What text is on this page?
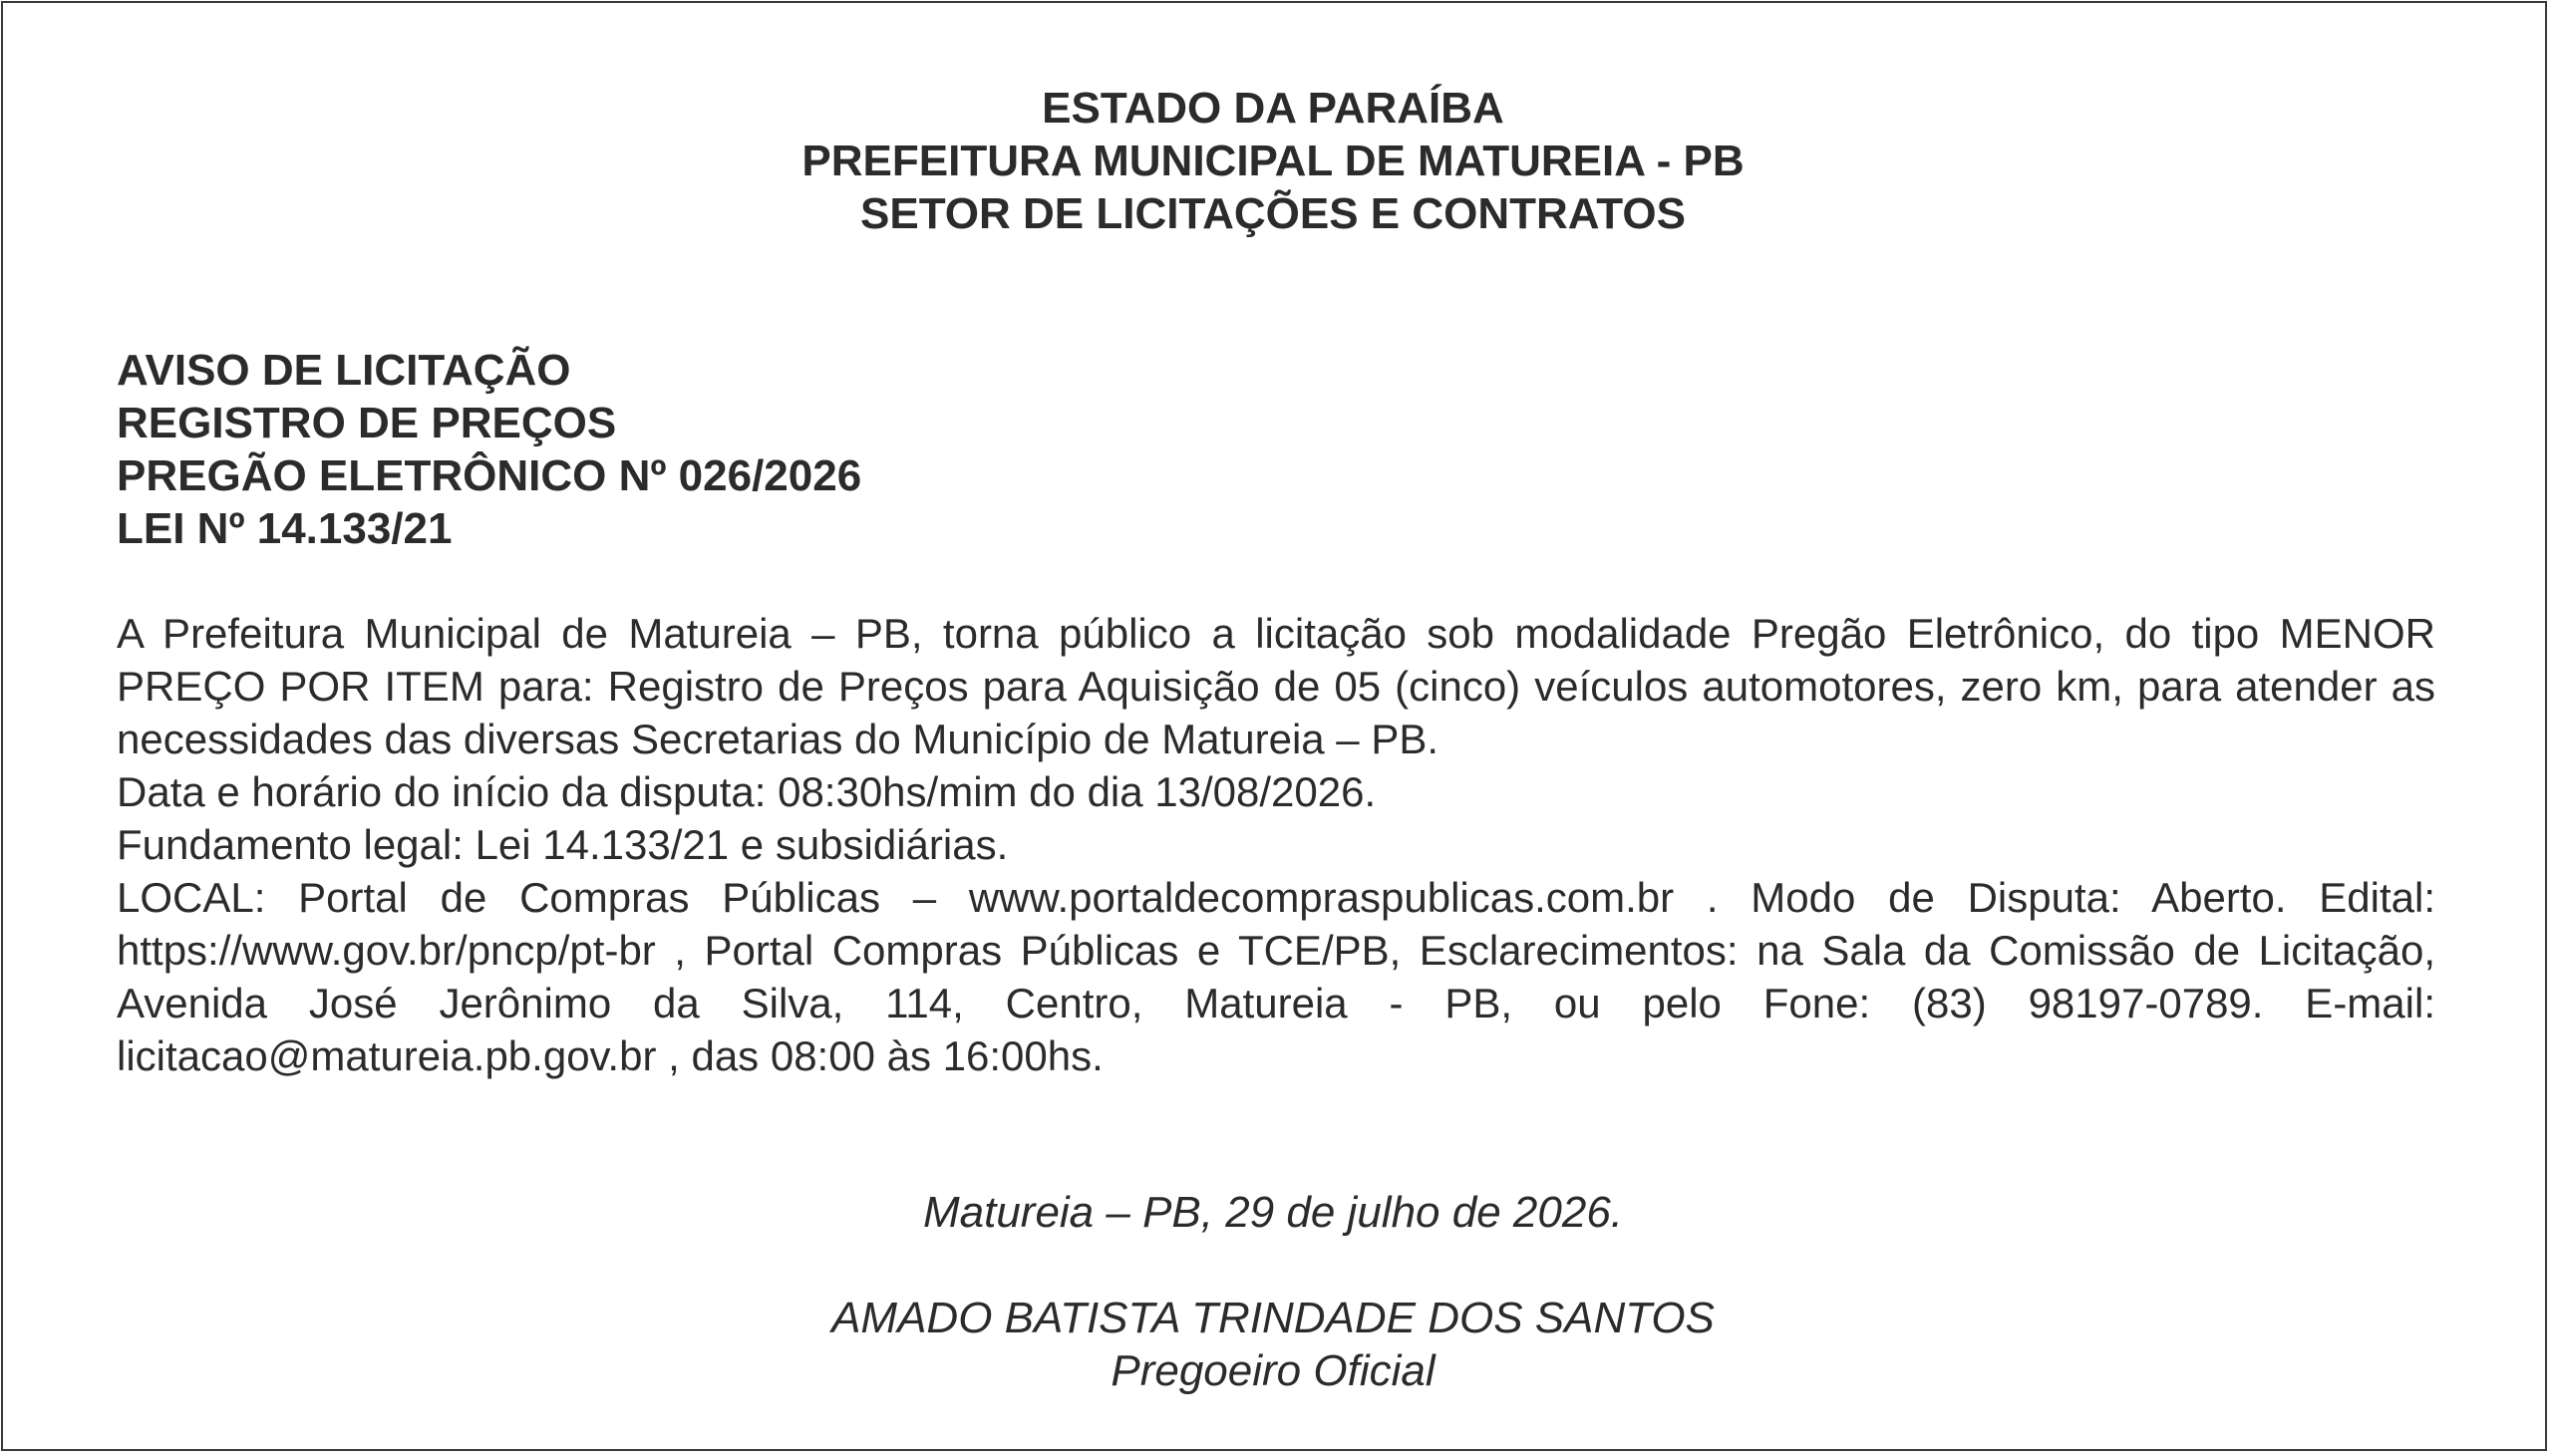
ESTADO DA PARAÍBA
PREFEITURA MUNICIPAL DE MATUREIA - PB
SETOR DE LICITAÇÕES E CONTRATOS
AVISO DE LICITAÇÃO
REGISTRO DE PREÇOS
PREGÃO ELETRÔNICO Nº 026/2026
LEI Nº 14.133/21

A Prefeitura Municipal de Matureia – PB, torna público a licitação sob modalidade Pregão Eletrônico, do tipo MENOR PREÇO POR ITEM para: Registro de Preços para Aquisição de 05 (cinco) veículos automotores, zero km, para atender as necessidades das diversas Secretarias do Município de Matureia – PB.

Data e horário do início da disputa: 08:30hs/mim do dia 13/08/2026.

Fundamento legal: Lei 14.133/21 e subsidiárias.

LOCAL: Portal de Compras Públicas – www.portaldecompraspublicas.com.br . Modo de Disputa: Aberto. Edital: https://www.gov.br/pncp/pt-br , Portal Compras Públicas e TCE/PB, Esclarecimentos: na Sala da Comissão de Licitação, Avenida José Jerônimo da Silva, 114, Centro, Matureia - PB, ou pelo Fone: (83) 98197-0789. E-mail: licitacao@matureia.pb.gov.br , das 08:00 às 16:00hs.

Matureia – PB, 29 de julho de 2026.
AMADO BATISTA TRINDADE DOS SANTOS
Pregoeiro Oficial
